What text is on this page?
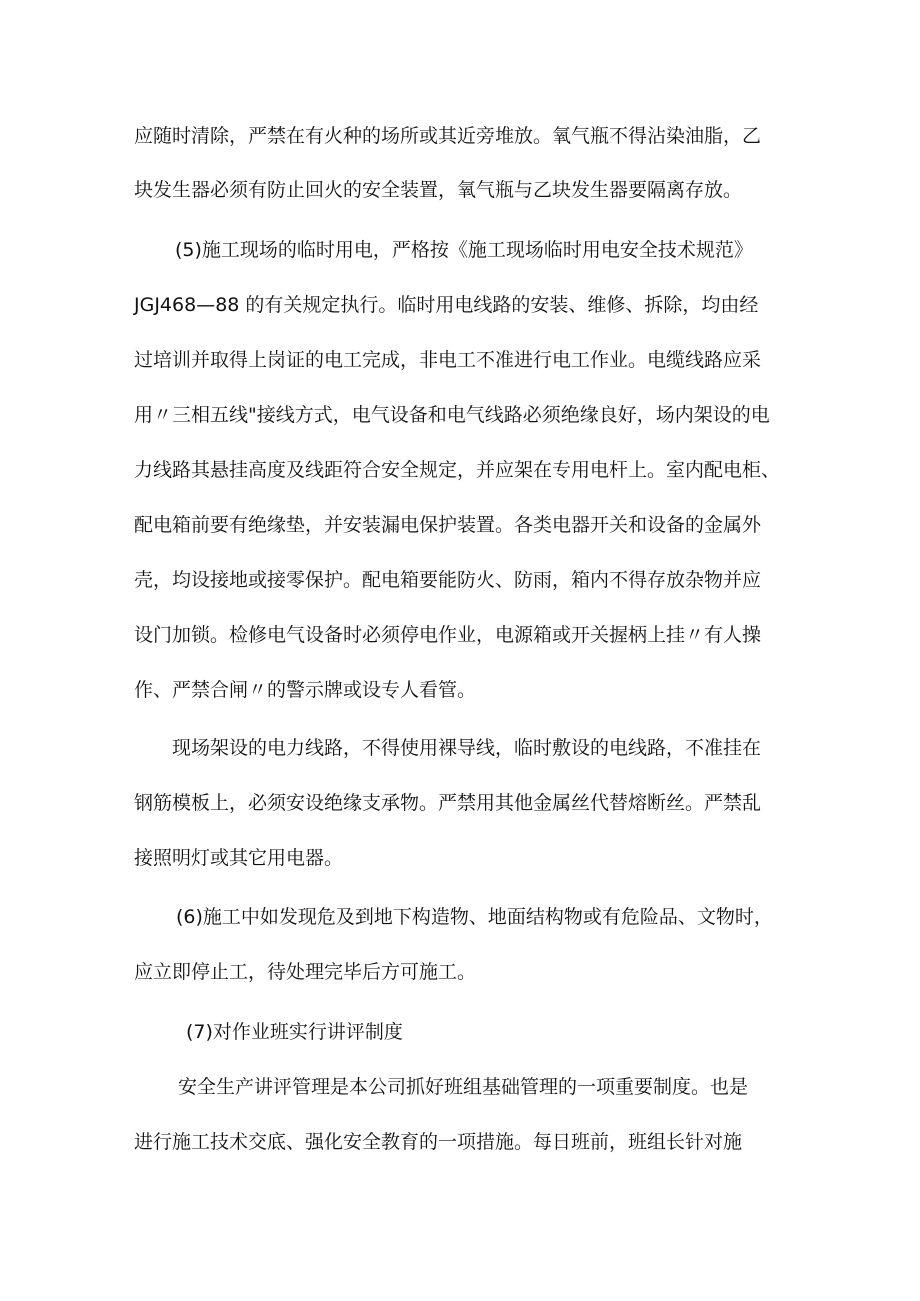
应随时清除，严禁在有火种的场所或其近旁堆放。氧气瓶不得沾染油脂，乙
块发生器必须有防止回火的安全装置，氧气瓶与乙块发生器要隔离存放。
(5)施工现场的临时用电，严格按《施工现场临时用电安全技术规范》
JGJ468—88 的有关规定执行。临时用电线路的安装、维修、拆除，均由经
过培训并取得上岗证的电工完成，非电工不准进行电工作业。电缆线路应采
用〃三相五线"接线方式，电气设备和电气线路必须绝缘良好，场内架设的电
力线路其悬挂高度及线距符合安全规定，并应架在专用电杆上。室内配电柜、
配电箱前要有绝缘垫，并安装漏电保护装置。各类电器开关和设备的金属外
壳，均设接地或接零保护。配电箱要能防火、防雨，箱内不得存放杂物并应
设门加锁。检修电气设备时必须停电作业，电源箱或开关握柄上挂〃有人操
作、严禁合闸〃的警示牌或设专人看管。
现场架设的电力线路，不得使用裸导线，临时敷设的电线路，不准挂在
钢筋模板上，必须安设绝缘支承物。严禁用其他金属丝代替熔断丝。严禁乱
接照明灯或其它用电器。
(6)施工中如发现危及到地下构造物、地面结构物或有危险品、文物时，
应立即停止工，待处理完毕后方可施工。
(7)对作业班实行讲评制度
安全生产讲评管理是本公司抓好班组基础管理的一项重要制度。也是
进行施工技术交底、强化安全教育的一项措施。每日班前，班组长针对施
